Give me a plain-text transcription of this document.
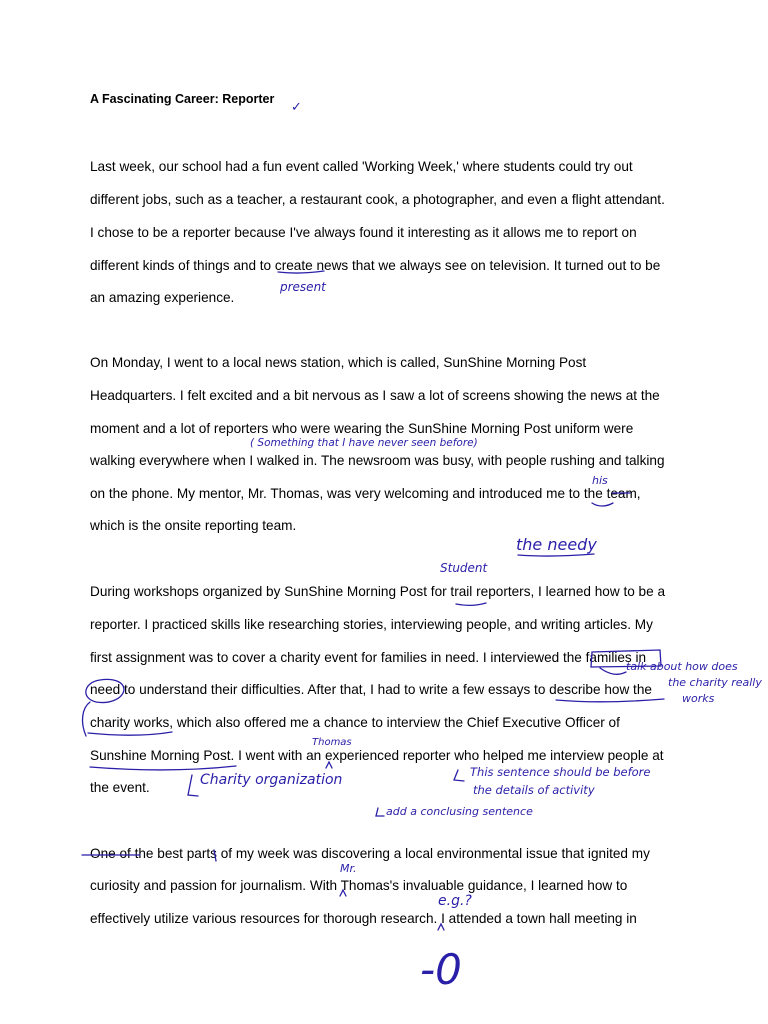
A Fascinating Career: Reporter

Last week, our school had a fun event called 'Working Week,' where students could try out

different jobs, such as a teacher, a restaurant cook, a photographer, and even a flight attendant.

I chose to be a reporter because I've always found it interesting as it allows me to report on

different kinds of things and to create news that we always see on television. It turned out to be

an amazing experience.

On Monday, I went to a local news station, which is called, SunShine Morning Post

Headquarters. I felt excited and a bit nervous as I saw a lot of screens showing the news at the

moment and a lot of reporters who were wearing the SunShine Morning Post uniform were

walking everywhere when I walked in. The newsroom was busy, with people rushing and talking

on the phone. My mentor, Mr. Thomas, was very welcoming and introduced me to the team,

which is the onsite reporting team.

During workshops organized by SunShine Morning Post for trail reporters, I learned how to be a

reporter. I practiced skills like researching stories, interviewing people, and writing articles. My

first assignment was to cover a charity event for families in need. I interviewed the families in

need to understand their difficulties. After that, I had to write a few essays to describe how the

charity works, which also offered me a chance to interview the Chief Executive Officer of

Sunshine Morning Post. I went with an experienced reporter who helped me interview people at

the event.

One of the best parts of my week was discovering a local environmental issue that ignited my

curiosity and passion for journalism. With Thomas's invaluable guidance, I learned how to

effectively utilize various resources for thorough research. I attended a town hall meeting in

✓
present
( Something that I have never seen before)
his
the needy
Student
talk about how does
the charity really
works
Thomas
Charity organization	This sentence should be before
the details of activity
add a conclusing sentence
Mr.
e.g.?
-0
